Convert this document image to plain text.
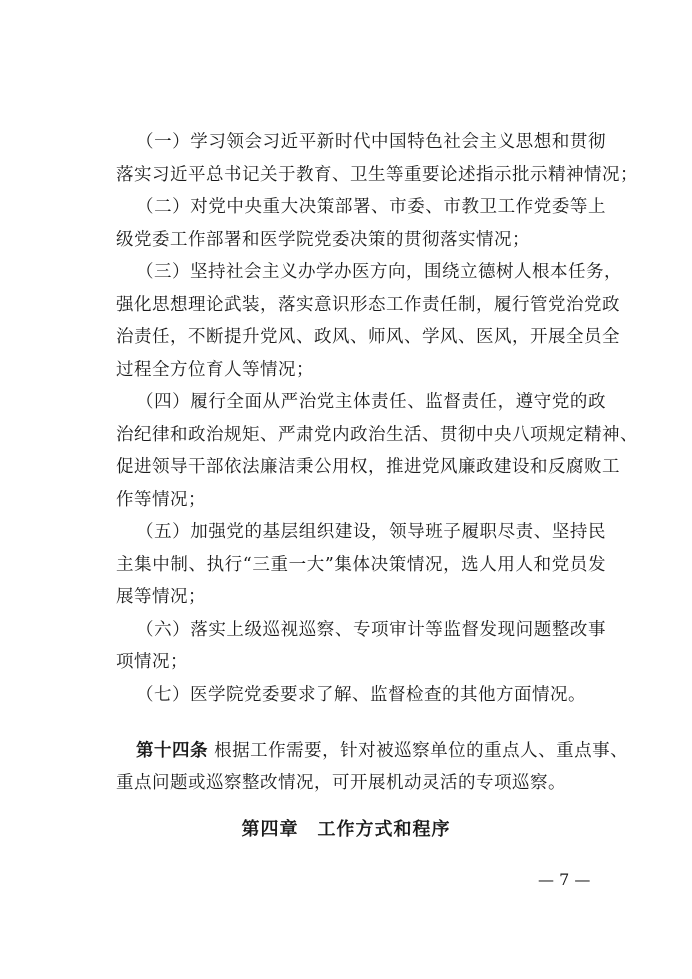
（一）学习领会习近平新时代中国特色社会主义思想和贯彻
落实习近平总书记关于教育、卫生等重要论述指示批示精神情况；
（二）对党中央重大决策部署、市委、市教卫工作党委等上
级党委工作部署和医学院党委决策的贯彻落实情况；
（三）坚持社会主义办学办医方向，围绕立德树人根本任务，
强化思想理论武装，落实意识形态工作责任制，履行管党治党政
治责任，不断提升党风、政风、师风、学风、医风，开展全员全
过程全方位育人等情况；
（四）履行全面从严治党主体责任、监督责任，遵守党的政
治纪律和政治规矩、严肃党内政治生活、贯彻中央八项规定精神、
促进领导干部依法廉洁秉公用权，推进党风廉政建设和反腐败工
作等情况；
（五）加强党的基层组织建设，领导班子履职尽责、坚持民
主集中制、执行“三重一大”集体决策情况，选人用人和党员发
展等情况；
（六）落实上级巡视巡察、专项审计等监督发现问题整改事
项情况；
（七）医学院党委要求了解、监督检查的其他方面情况。
第十四条 根据工作需要，针对被巡察单位的重点人、重点事、
重点问题或巡察整改情况，可开展机动灵活的专项巡察。
第四章　工作方式和程序
— 7 —
